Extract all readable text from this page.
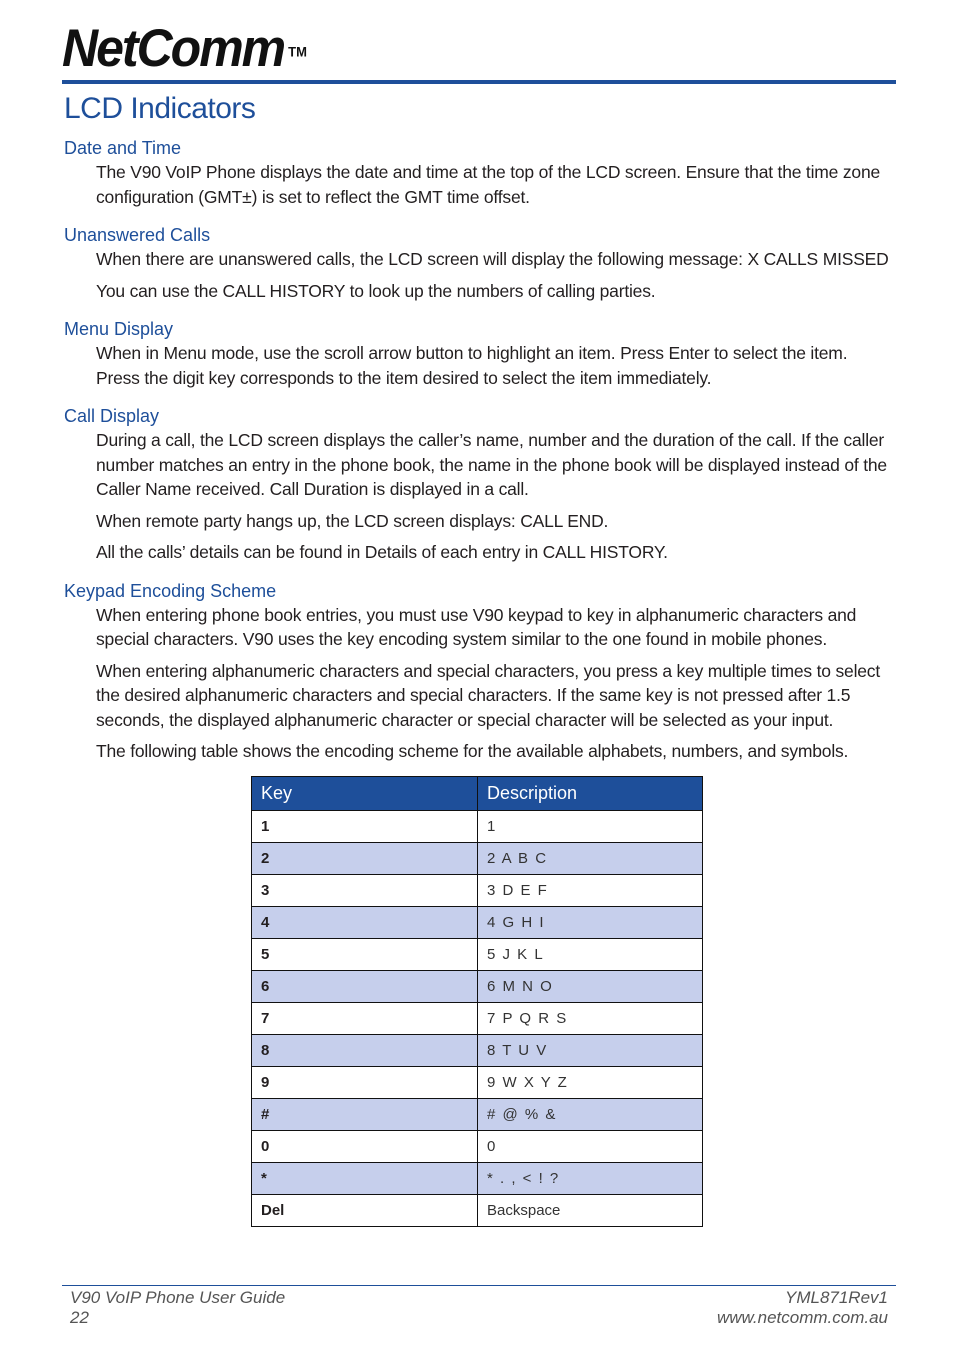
NetComm ™
LCD Indicators
Date and Time

The V90 VoIP Phone displays the date and time at the top of the LCD screen. Ensure that the time zone configuration (GMT±) is set to reflect the GMT time offset.

Unanswered Calls

When there are unanswered calls, the LCD screen will display the following message: X CALLS MISSED

You can use the CALL HISTORY to look up the numbers of calling parties.

Menu Display

When in Menu mode, use the scroll arrow button to highlight an item. Press Enter to select the item. Press the digit key corresponds to the item desired to select the item immediately.

Call Display

During a call, the LCD screen displays the caller’s name, number and the duration of the call. If the caller number matches an entry in the phone book, the name in the phone book will be displayed instead of the Caller Name received. Call Duration is displayed in a call.

When remote party hangs up, the LCD screen displays: CALL END.

All the calls’ details can be found in Details of each entry in CALL HISTORY.

Keypad Encoding Scheme

When entering phone book entries, you must use V90 keypad to key in alphanumeric characters and special characters. V90 uses the key encoding system similar to the one found in mobile phones.

When entering alphanumeric characters and special characters, you press a key multiple times to select the desired alphanumeric characters and special characters. If the same key is not pressed after 1.5 seconds, the displayed alphanumeric character or special character will be selected as your input.

The following table shows the encoding scheme for the available alphabets, numbers, and symbols.

Key	Description
1	1
2	2 A B C
3	3 D E F
4	4 G H I
5	5 J K L
6	6 M N O
7	7 P Q R S
8	8 T U V
9	9 W X Y Z
#	# @ % &
0	0
*	* . , < ! ?
Del	Backspace
V90 VoIP Phone User Guide
22
YML871Rev1
www.netcomm.com.au
